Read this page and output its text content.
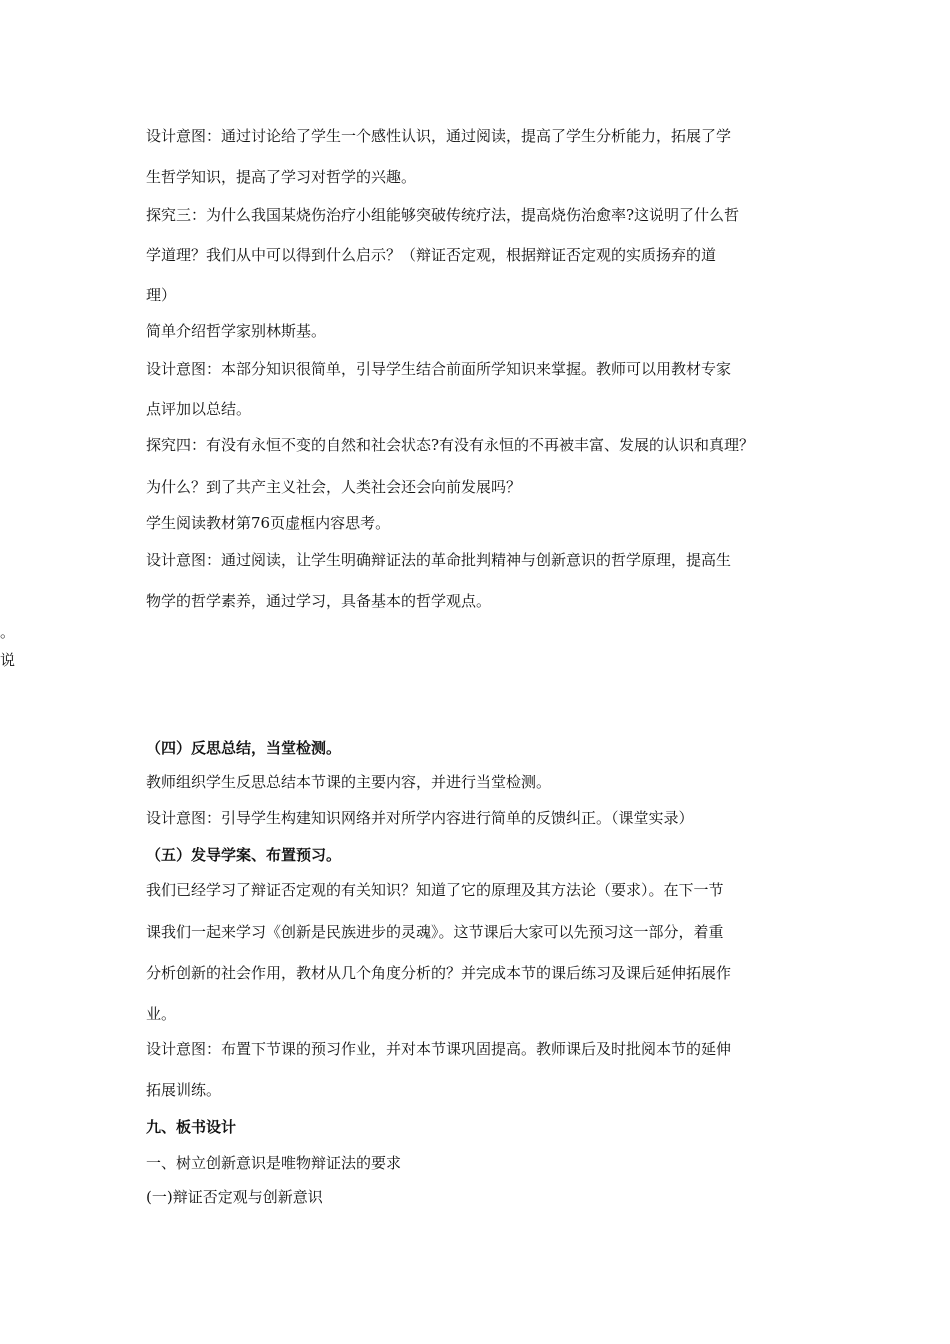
设计意图：通过讨论给了学生一个感性认识，通过阅读，提高了学生分析能力，拓展了学
生哲学知识，提高了学习对哲学的兴趣。
探究三：为什么我国某烧伤治疗小组能够突破传统疗法，提高烧伤治愈率?这说明了什么哲
学道理？我们从中可以得到什么启示？（辩证否定观，根据辩证否定观的实质扬弃的道
理）
简单介绍哲学家别林斯基。
设计意图：本部分知识很简单，引导学生结合前面所学知识来掌握。教师可以用教材专家
点评加以总结。
探究四：有没有永恒不变的自然和社会状态?有没有永恒的不再被丰富、发展的认识和真理？
为什么？到了共产主义社会，人类社会还会向前发展吗？
学生阅读教材第76页虚框内容思考。
设计意图：通过阅读，让学生明确辩证法的革命批判精神与创新意识的哲学原理，提高生
物学的哲学素养，通过学习，具备基本的哲学观点。
。
说
（四）反思总结，当堂检测。
教师组织学生反思总结本节课的主要内容，并进行当堂检测。
设计意图：引导学生构建知识网络并对所学内容进行简单的反馈纠正。（课堂实录）
（五）发导学案、布置预习。
我们已经学习了辩证否定观的有关知识？知道了它的原理及其方法论（要求）。在下一节
课我们一起来学习《创新是民族进步的灵魂》。这节课后大家可以先预习这一部分，着重
分析创新的社会作用，教材从几个角度分析的？并完成本节的课后练习及课后延伸拓展作
业。
设计意图：布置下节课的预习作业，并对本节课巩固提高。教师课后及时批阅本节的延伸
拓展训练。
九、板书设计
一、树立创新意识是唯物辩证法的要求
(一)辩证否定观与创新意识
